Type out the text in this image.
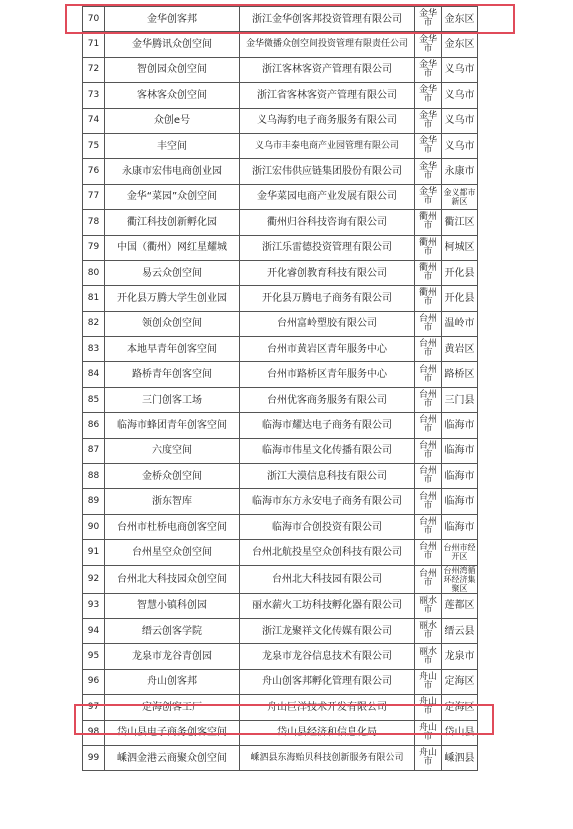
70	金华创客邦	浙江金华创客邦投资管理有限公司	金华市	金东区
71	金华腾讯众创空间	金华微播众创空间投资管理有限责任公司	金华市	金东区
72	智创园众创空间	浙江客林客资产管理有限公司	金华市	义乌市
73	客林客众创空间	浙江省客林客资产管理有限公司	金华市	义乌市
74	众创e号	义乌海豹电子商务服务有限公司	金华市	义乌市
75	丰空间	义乌市丰泰电商产业园管理有限公司	金华市	义乌市
76	永康市宏伟电商创业园	浙江宏伟供应链集团股份有限公司	金华市	永康市
77	金华“菜园”众创空间	金华菜园电商产业发展有限公司	金华市	金义都市新区
78	衢江科技创新孵化园	衢州归谷科技咨询有限公司	衢州市	衢江区
79	中国（衢州）网红星耀城	浙江乐雷德投资管理有限公司	衢州市	柯城区
80	易云众创空间	开化睿创教育科技有限公司	衢州市	开化县
81	开化县万腾大学生创业园	开化县万腾电子商务有限公司	衢州市	开化县
82	领创众创空间	台州富岭塑胶有限公司	台州市	温岭市
83	本地早青年创客空间	台州市黄岩区青年服务中心	台州市	黄岩区
84	路桥青年创客空间	台州市路桥区青年服务中心	台州市	路桥区
85	三门创客工场	台州优客商务服务有限公司	台州市	三门县
86	临海市蜂团青年创客空间	临海市耀达电子商务有限公司	台州市	临海市
87	六度空间	临海市伟星文化传播有限公司	台州市	临海市
88	金桥众创空间	浙江大漠信息科技有限公司	台州市	临海市
89	浙东智库	临海市东方永安电子商务有限公司	台州市	临海市
90	台州市杜桥电商创客空间	临海市合创投资有限公司	台州市	临海市
91	台州星空众创空间	台州北航投星空众创科技有限公司	台州市	台州市经开区
92	台州北大科技园众创空间	台州北大科技园有限公司	台州市	台州湾循环经济集聚区
93	智慧小镇科创园	丽水薪火工坊科技孵化器有限公司	丽水市	莲都区
94	缙云创客学院	浙江龙聚祥文化传媒有限公司	丽水市	缙云县
95	龙泉市龙谷青创园	龙泉市龙谷信息技术有限公司	丽水市	龙泉市
96	舟山创客邦	舟山创客邦孵化管理有限公司	舟山市	定海区
97	定海创客工厂	舟山巨洋技术开发有限公司	舟山市	定海区
98	岱山县电子商务创客空间	岱山县经济和信息化局	舟山市	岱山县
99	嵊泗金港云商聚众创空间	嵊泗县东海贻贝科技创新服务有限公司	舟山市	嵊泗县
